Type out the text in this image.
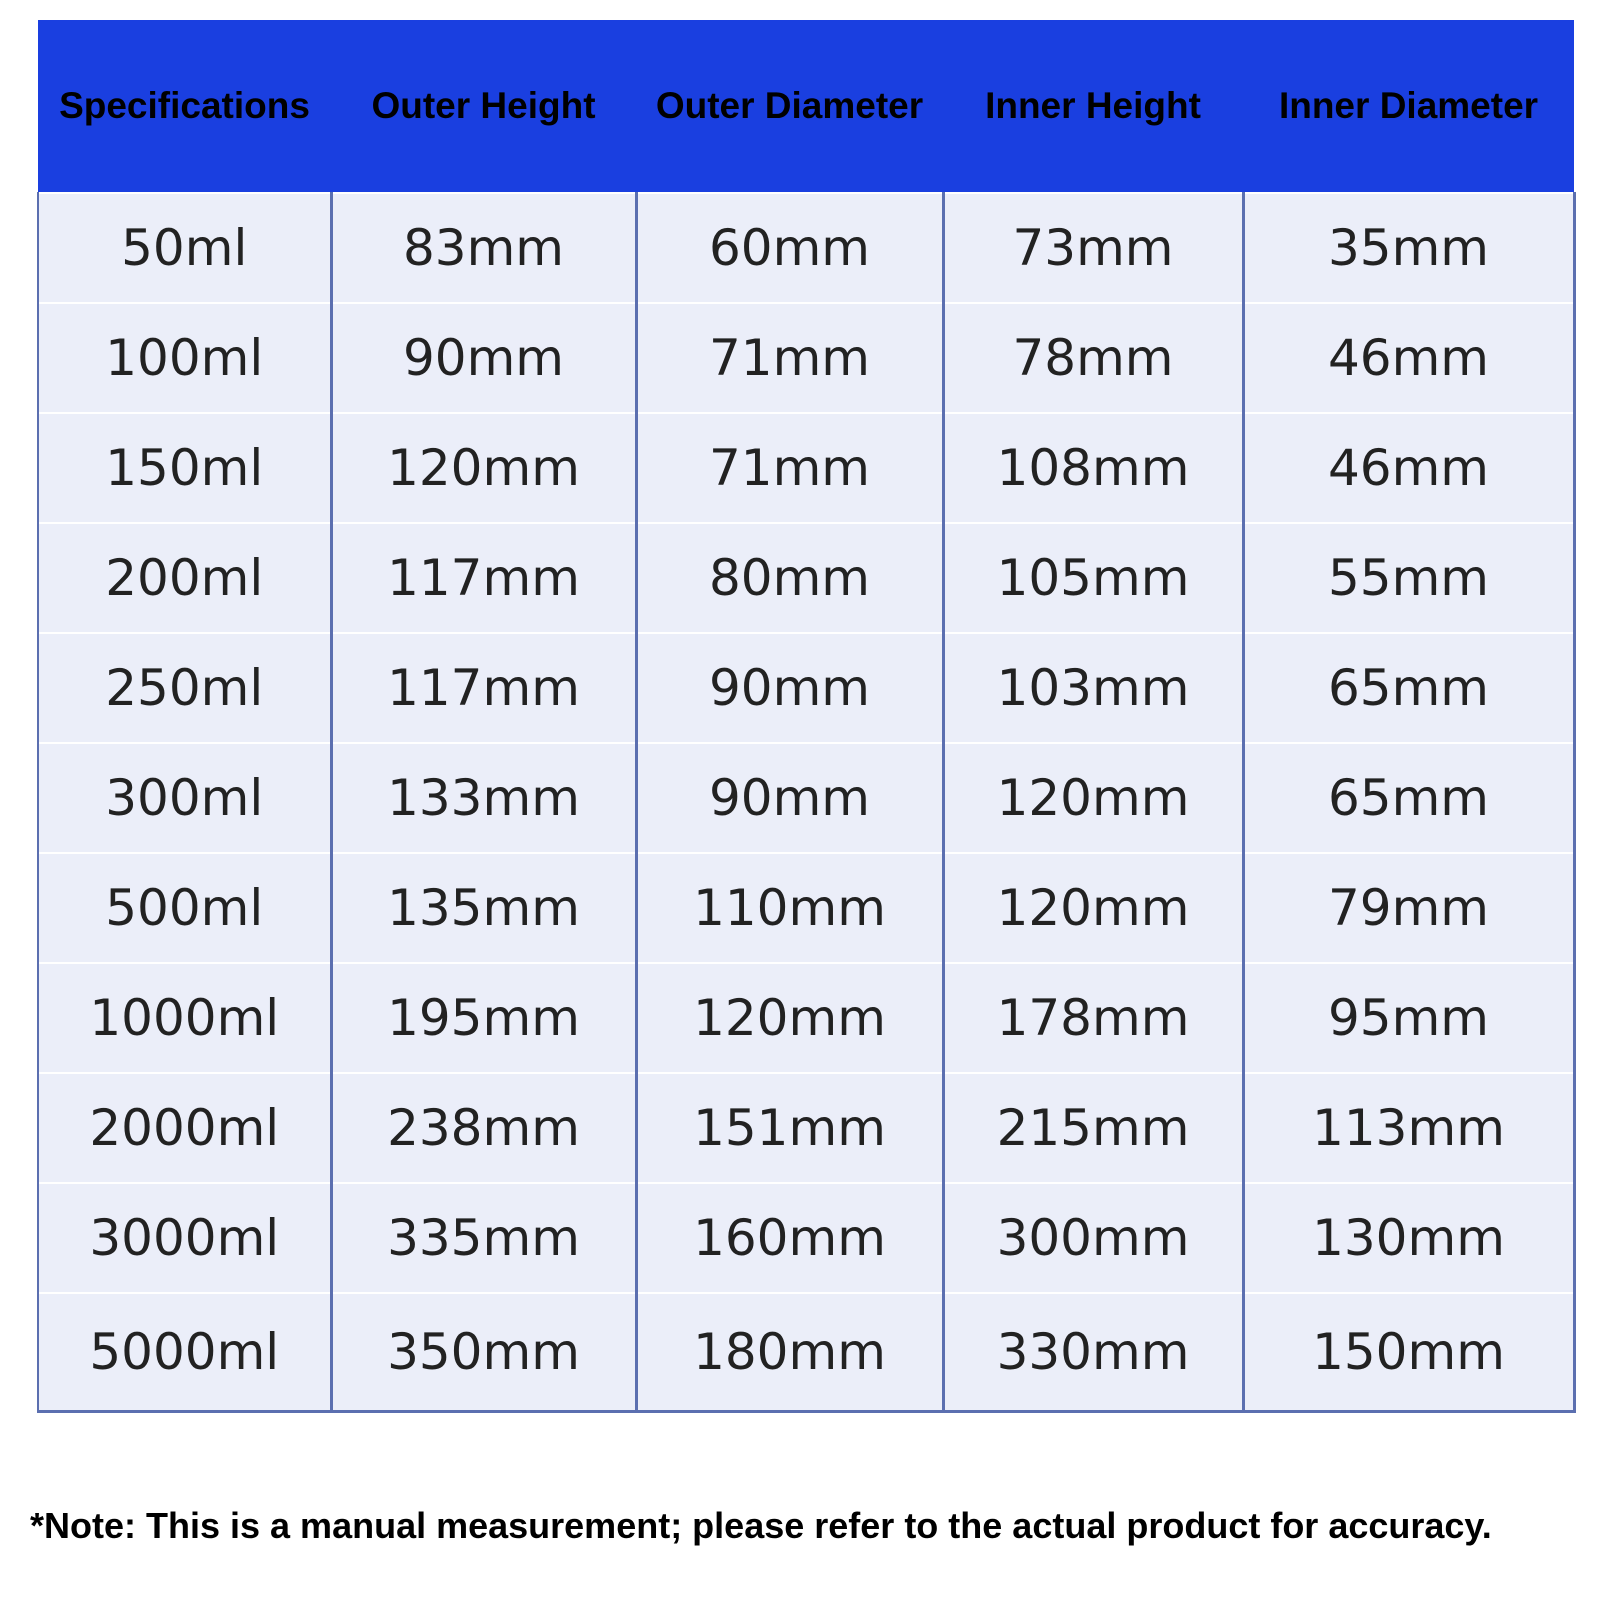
Specifications	Outer Height	Outer Diameter	Inner Height	Inner Diameter
50ml	83mm	60mm	73mm	35mm
100ml	90mm	71mm	78mm	46mm
150ml	120mm	71mm	108mm	46mm
200ml	117mm	80mm	105mm	55mm
250ml	117mm	90mm	103mm	65mm
300ml	133mm	90mm	120mm	65mm
500ml	135mm	110mm	120mm	79mm
1000ml	195mm	120mm	178mm	95mm
2000ml	238mm	151mm	215mm	113mm
3000ml	335mm	160mm	300mm	130mm
5000ml	350mm	180mm	330mm	150mm
*Note: This is a manual measurement; please refer to the actual product for accuracy.
